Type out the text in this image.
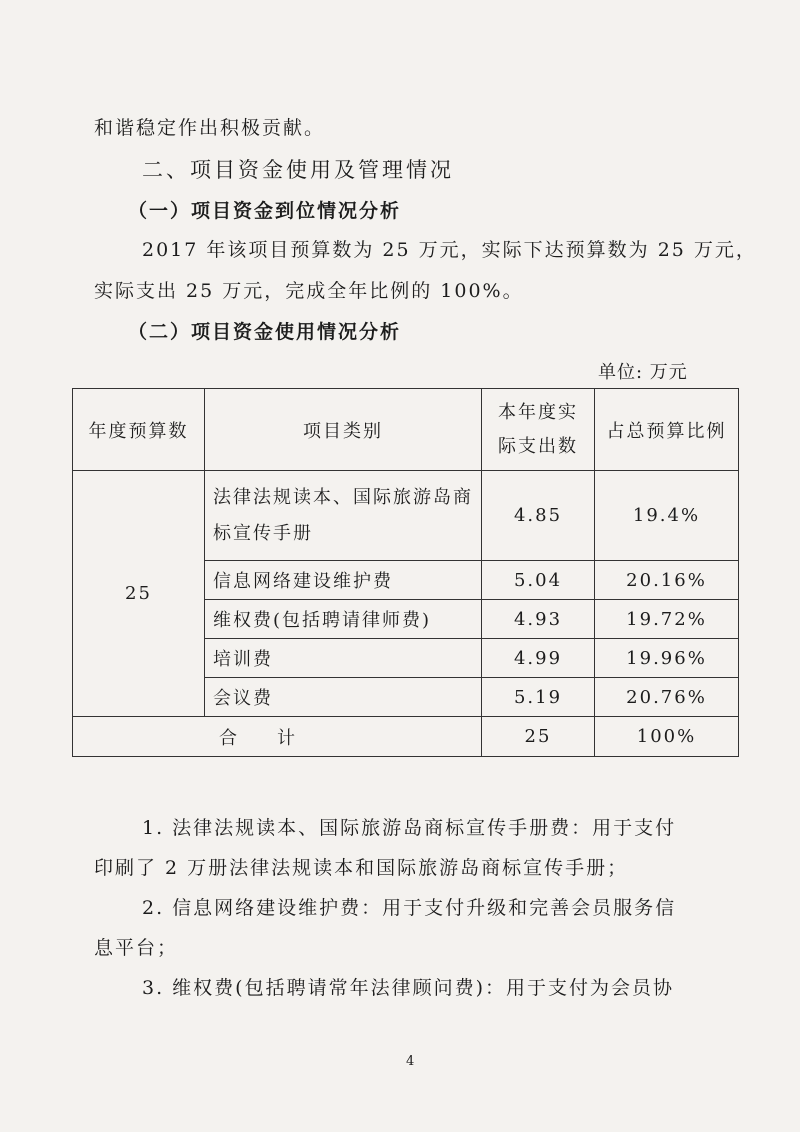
和谐稳定作出积极贡献。
二、项目资金使用及管理情况
（一）项目资金到位情况分析
2017 年该项目预算数为 25 万元，实际下达预算数为 25 万元，
实际支出 25 万元，完成全年比例的 100%。
（二）项目资金使用情况分析
单位: 万元
年度预算数	项目类别	本年度实际支出数	占总预算比例
25	法律法规读本、国际旅游岛商标宣传手册	4.85	19.4%
	信息网络建设维护费	5.04	20.16%
	维权费(包括聘请律师费)	4.93	19.72%
	培训费	4.99	19.96%
	会议费	5.19	20.76%
合计		25	100%
1. 法律法规读本、国际旅游岛商标宣传手册费：用于支付
印刷了 2 万册法律法规读本和国际旅游岛商标宣传手册；
2. 信息网络建设维护费：用于支付升级和完善会员服务信
息平台；
3. 维权费(包括聘请常年法律顾问费)：用于支付为会员协
4
